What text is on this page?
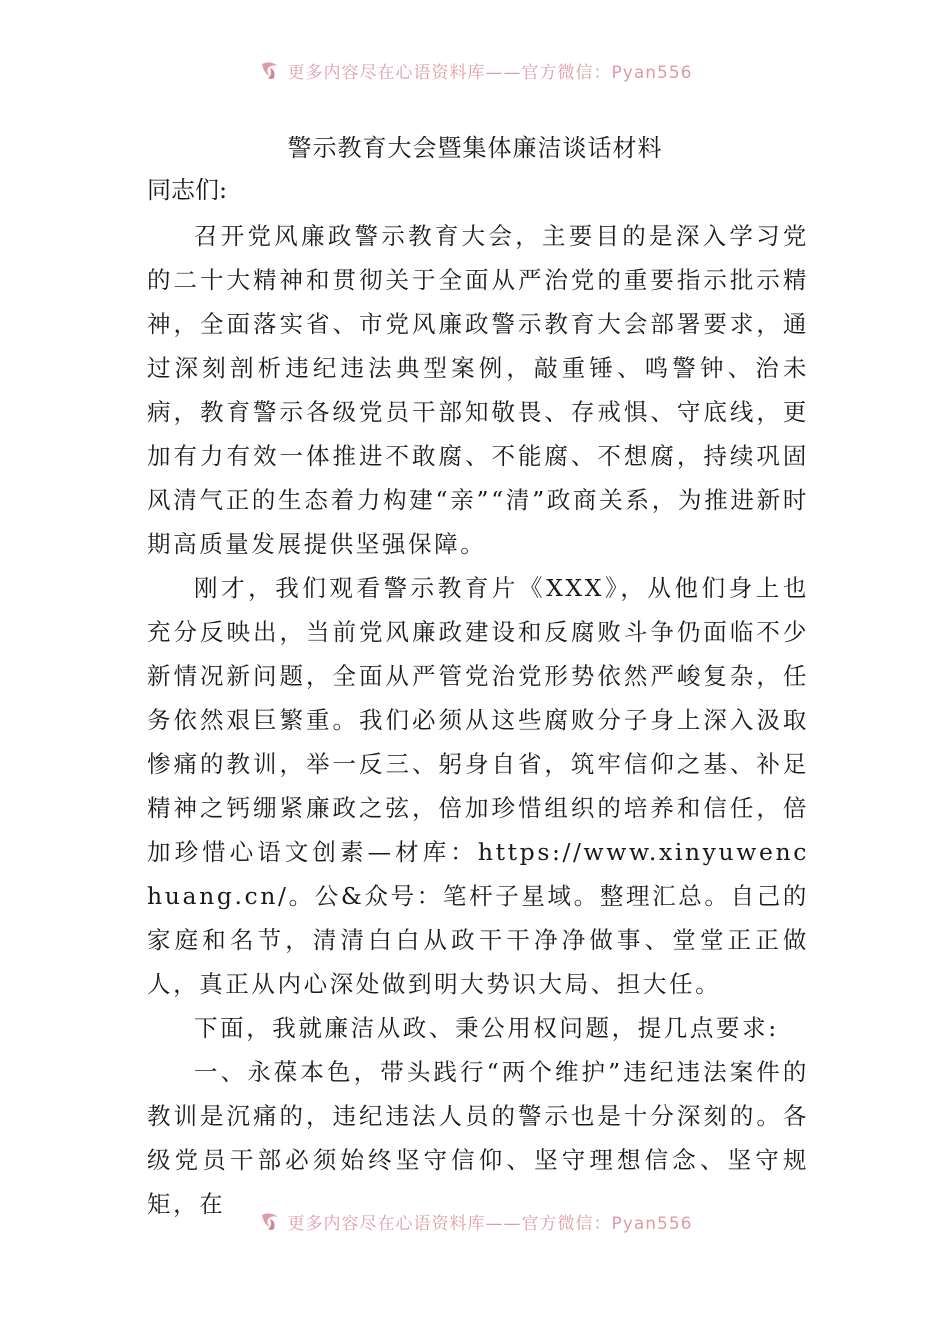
更多内容尽在心语资料库——官方微信：Pyan556
警示教育大会暨集体廉洁谈话材料
同志们:

召开党风廉政警示教育大会，主要目的是深入学习党的二十大精神和贯彻关于全面从严治党的重要指示批示精神，全面落实省、市党风廉政警示教育大会部署要求，通过深刻剖析违纪违法典型案例，敲重锤、鸣警钟、治未病，教育警示各级党员干部知敬畏、存戒惧、守底线，更加有力有效一体推进不敢腐、不能腐、不想腐，持续巩固风清气正的生态着力构建“亲”“清”政商关系，为推进新时期高质量发展提供坚强保障。

刚才，我们观看警示教育片《XXX》，从他们身上也充分反映出，当前党风廉政建设和反腐败斗争仍面临不少新情况新问题，全面从严管党治党形势依然严峻复杂，任务依然艰巨繁重。我们必须从这些腐败分子身上深入汲取惨痛的教训，举一反三、躬身自省，筑牢信仰之基、补足精神之钙绷紧廉政之弦，倍加珍惜组织的培养和信任，倍加珍惜心语文创素—材库：https://www.xinyuwenchuang.cn/。公&众号：笔杆子星域。整理汇总。自己的家庭和名节，清清白白从政干干净净做事、堂堂正正做人，真正从内心深处做到明大势识大局、担大任。

下面，我就廉洁从政、秉公用权问题，提几点要求:

一、永葆本色，带头践行“两个维护”违纪违法案件的教训是沉痛的，违纪违法人员的警示也是十分深刻的。各级党员干部必须始终坚守信仰、坚守理想信念、坚守规矩，在

更多内容尽在心语资料库——官方微信：Pyan556
